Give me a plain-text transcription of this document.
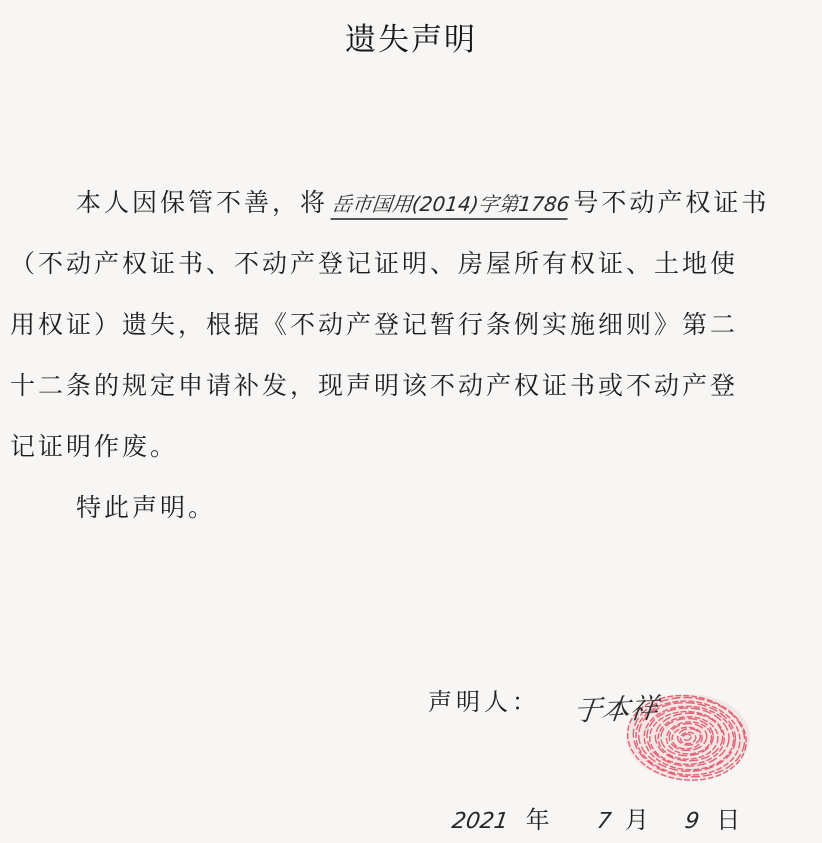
遗失声明
本人因保管不善，将 岳市国用(2014)字第1786 号不动产权证书
（不动产权证书、不动产登记证明、房屋所有权证、土地使
用权证）遗失，根据《不动产登记暂行条例实施细则》第二
十二条的规定申请补发，现声明该不动产权证书或不动产登
记证明作废。
特此声明。
声明人： 于本祥
2021 年 7 月 9 日
